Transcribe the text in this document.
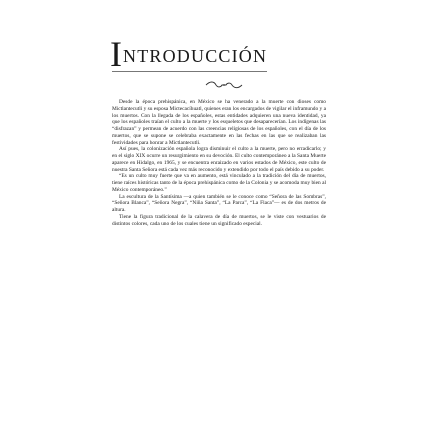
INTRODUCCIÓN

Desde la época prehispánica, en México se ha venerado a la muerte con dioses como Mictlantecutli y su esposa Mictecacíhuatl, quienes eran los encargados de vigilar el inframundo y a los muertos. Con la llegada de los españoles, estas entidades adquieren una nueva identidad, ya que los españoles traían el culto a la muerte y los esqueletos que desaparecerían. Los indígenas las “disfrazan” y permean de acuerdo con las creencias religiosas de los españoles, con el día de los muertos, que se supone se celebraba exactamente en las fechas en las que se realizaban las festividades para honrar a Mictlantecutli.

Así pues, la colonización española logra disminuir el culto a la muerte, pero no erradicarlo; y en el siglo XIX ocurre un resurgimiento en su devoción. El culto contemporáneo a la Santa Muerte aparece en Hidalgo, en 1965, y se encuentra enraizado en varios estados de México, este culto de nuestra Santa Señora está cada vez más reconocido y extendido por todo el país debido a su poder.

“Es un culto muy fuerte que va en aumento, está vinculado a la tradición del día de muertos, tiene raíces históricas tanto de la época prehispánica como de la Colonia y se acomoda muy bien al México contemporáneo.”

La escultura de la Santísima —a quien también se le conoce como “Señora de las Sombras”, “Señora Blanca”, “Señora Negra”, “Niña Santa”, “La Parca”, “La Flaca”— es de dos metros de altura.

Tiene la figura tradicional de la calavera de día de muertos, se le viste con vestuarios de distintos colores, cada uno de los cuales tiene un significado especial.
